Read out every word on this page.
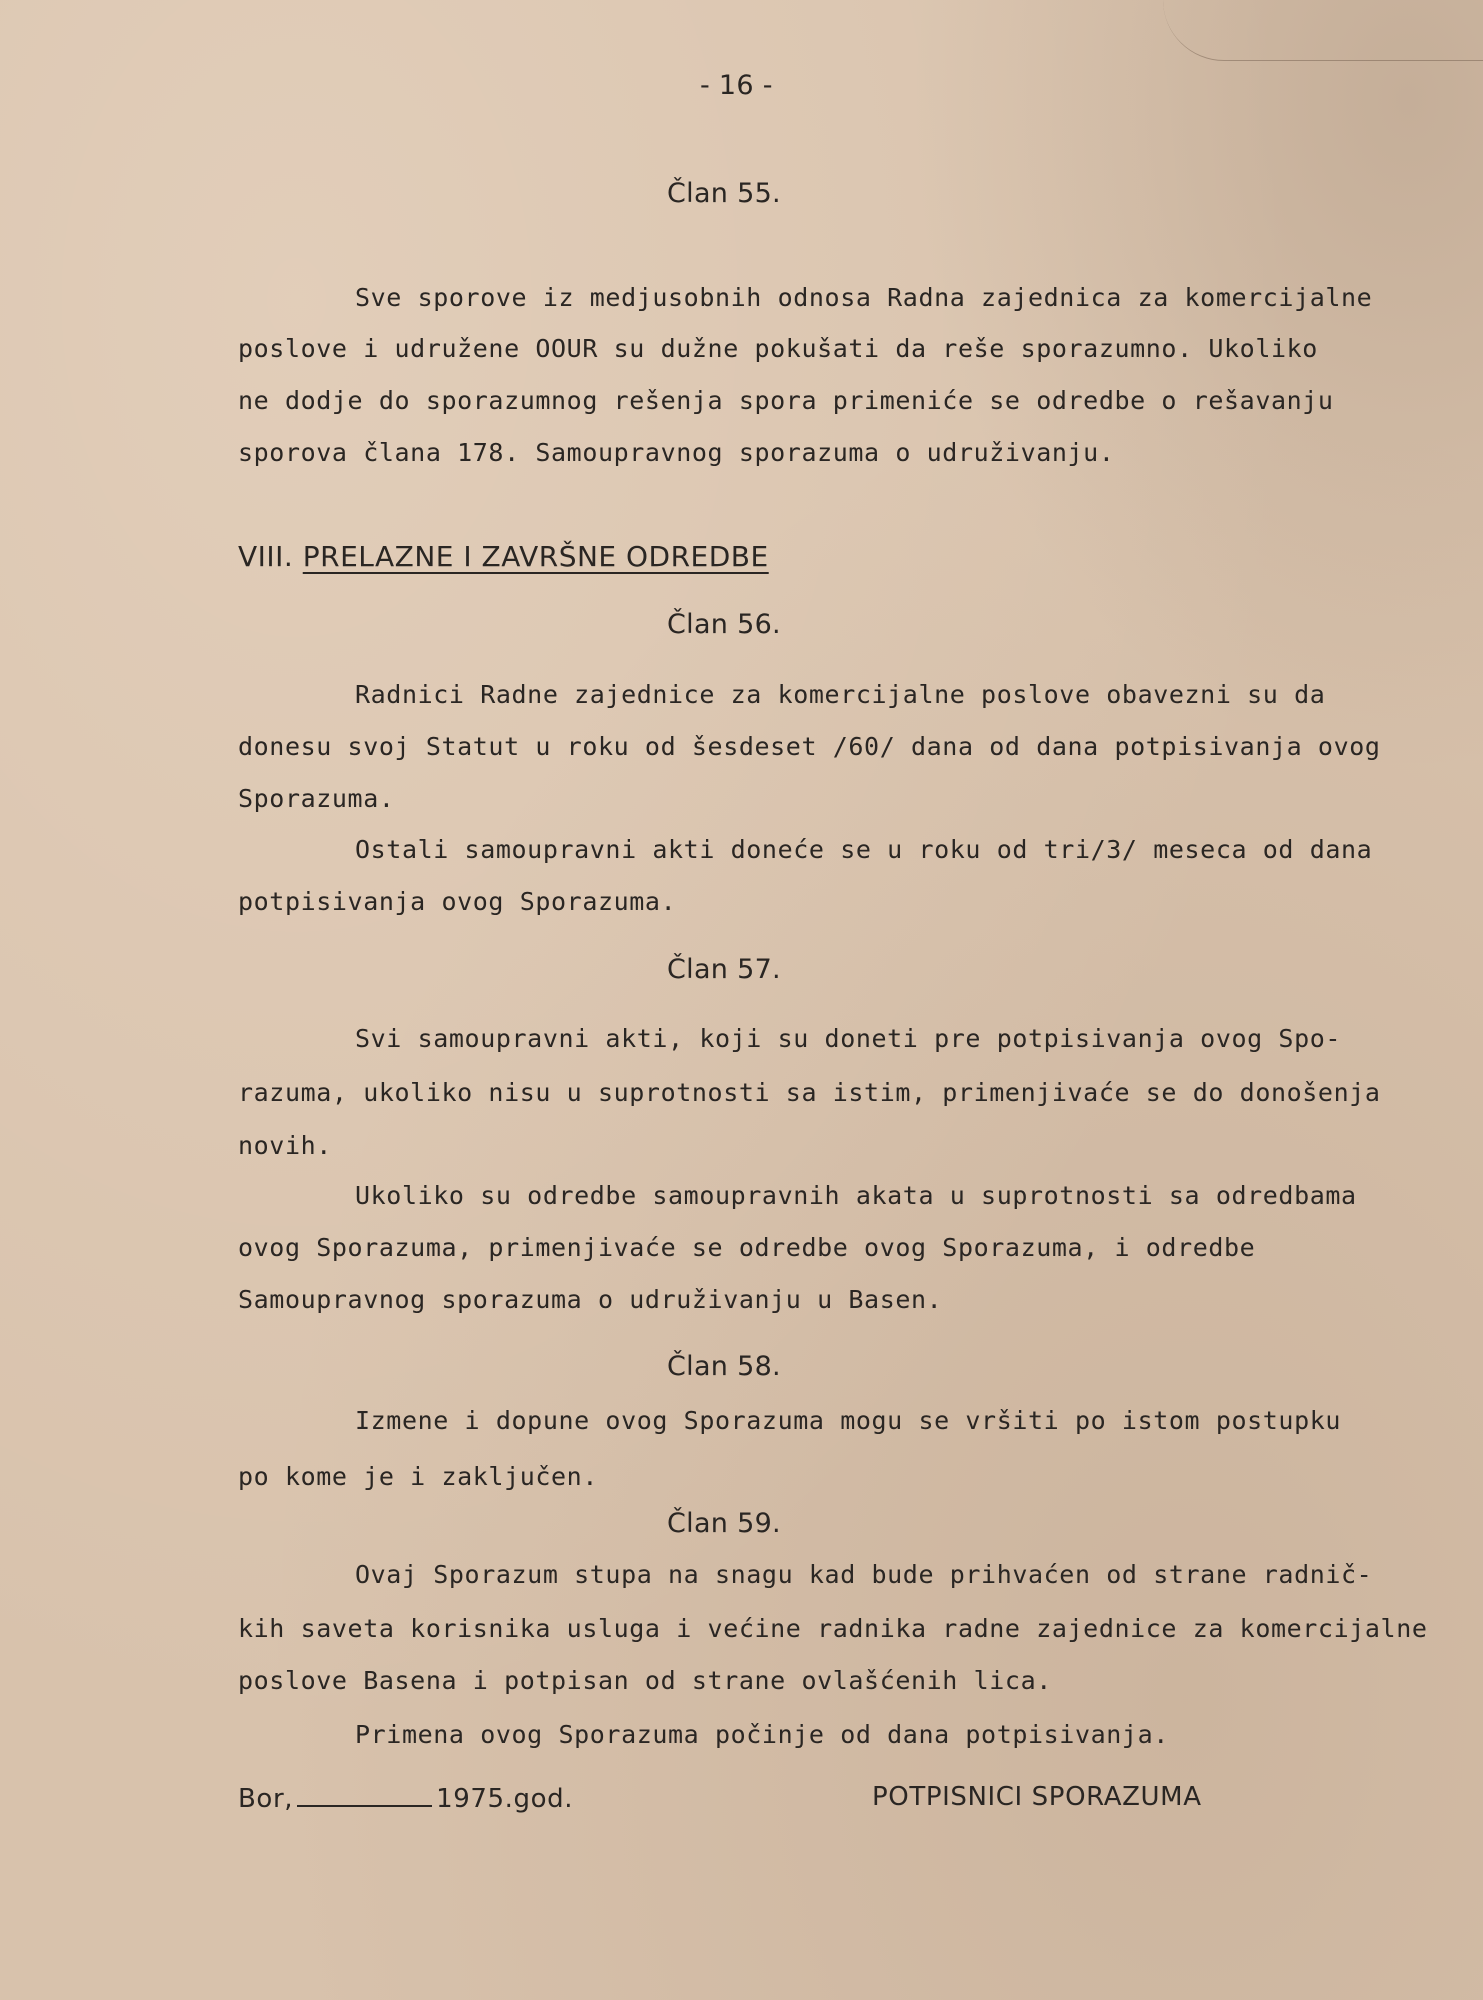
- 16 -

Član 55.

Sve sporove iz medjusobnih odnosa Radna zajednica za komercijalne

poslove i udružene OOUR su dužne pokušati da reše sporazumno. Ukoliko

ne dodje do sporazumnog rešenja spora primeniće se odredbe o rešavanju

sporova člana 178. Samoupravnog sporazuma o udruživanju.

VIII. PRELAZNE I ZAVRŠNE ODREDBE

Član 56.

Radnici Radne zajednice za komercijalne poslove obavezni su da

donesu svoj Statut u roku od šesdeset /60/ dana od dana potpisivanja ovog

Sporazuma.

Ostali samoupravni akti doneće se u roku od tri/3/ meseca od dana

potpisivanja ovog Sporazuma.

Član 57.

Svi samoupravni akti, koji su doneti pre potpisivanja ovog Spo-

razuma, ukoliko nisu u suprotnosti sa istim, primenjivaće se do donošenja

novih.

Ukoliko su odredbe samoupravnih akata u suprotnosti sa odredbama

ovog Sporazuma, primenjivaće se odredbe ovog Sporazuma, i odredbe

Samoupravnog sporazuma o udruživanju u Basen.

Član 58.

Izmene i dopune ovog Sporazuma mogu se vršiti po istom postupku

po kome je i zaključen.

Član 59.

Ovaj Sporazum stupa na snagu kad bude prihvaćen od strane radnič-

kih saveta korisnika usluga i većine radnika radne zajednice za komercijalne

poslove Basena i potpisan od strane ovlašćenih lica.

Primena ovog Sporazuma počinje od dana potpisivanja.

Bor,	1975.god.	POTPISNICI SPORAZUMA
